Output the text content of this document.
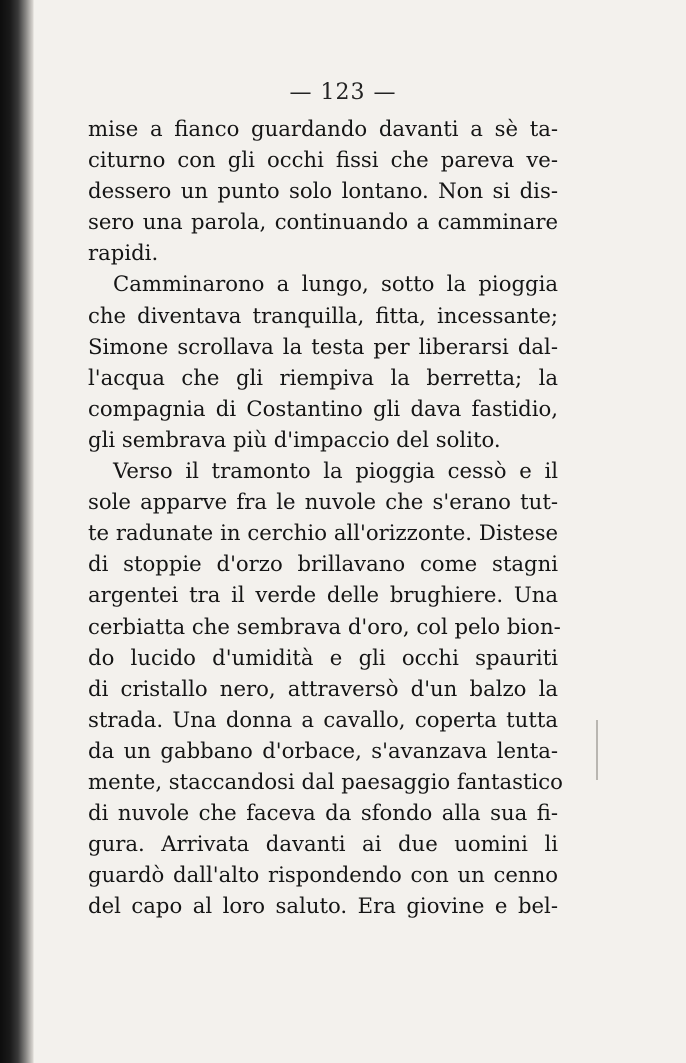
— 123 —
mise a fianco guardando davanti a sè ta-
citurno con gli occhi fissi che pareva ve-
dessero un punto solo lontano. Non si dis-
sero una parola, continuando a camminare
rapidi.
Camminarono a lungo, sotto la pioggia
che diventava tranquilla, fitta, incessante;
Simone scrollava la testa per liberarsi dal-
l'acqua che gli riempiva la berretta; la
compagnia di Costantino gli dava fastidio,
gli sembrava più d'impaccio del solito.
Verso il tramonto la pioggia cessò e il
sole apparve fra le nuvole che s'erano tut-
te radunate in cerchio all'orizzonte. Distese
di stoppie d'orzo brillavano come stagni
argentei tra il verde delle brughiere. Una
cerbiatta che sembrava d'oro, col pelo bion-
do lucido d'umidità e gli occhi spauriti
di cristallo nero, attraversò d'un balzo la
strada. Una donna a cavallo, coperta tutta
da un gabbano d'orbace, s'avanzava lenta-
mente, staccandosi dal paesaggio fantastico
di nuvole che faceva da sfondo alla sua fi-
gura. Arrivata davanti ai due uomini li
guardò dall'alto rispondendo con un cenno
del capo al loro saluto. Era giovine e bel-
